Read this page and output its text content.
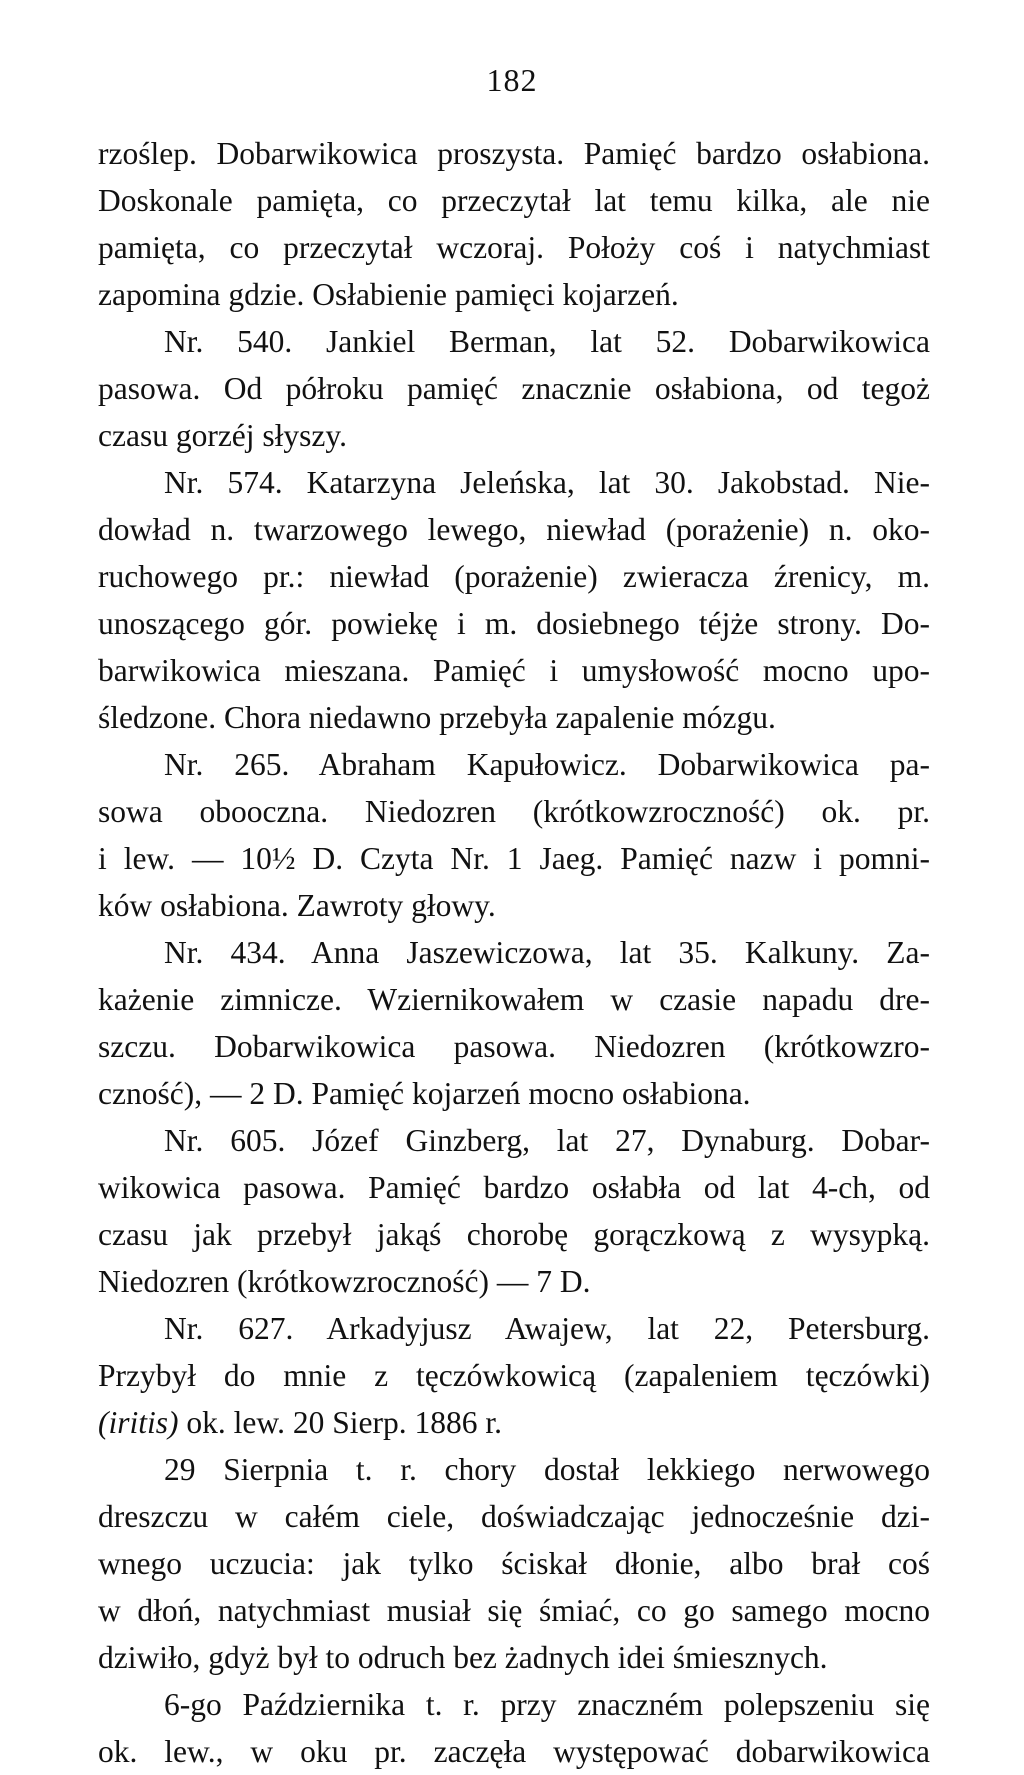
182
rzoślep. Dobarwikowica proszysta. Pamięć bardzo osłabiona.
Doskonale pamięta, co przeczytał lat temu kilka, ale nie
pamięta, co przeczytał wczoraj. Położy coś i natychmiast
zapomina gdzie. Osłabienie pamięci kojarzeń.
Nr. 540. Jankiel Berman, lat 52. Dobarwikowica
pasowa. Od półroku pamięć znacznie osłabiona, od tegoż
czasu gorzéj słyszy.
Nr. 574. Katarzyna Jeleńska, lat 30. Jakobstad. Nie-
dowład n. twarzowego lewego, niewład (porażenie) n. oko-
ruchowego pr.: niewład (porażenie) zwieracza źrenicy, m.
unoszącego gór. powiekę i m. dosiebnego téjże strony. Do-
barwikowica mieszana. Pamięć i umysłowość mocno upo-
śledzone. Chora niedawno przebyła zapalenie mózgu.
Nr. 265. Abraham Kapułowicz. Dobarwikowica pa-
sowa obooczna. Niedozren (krótkowzroczność) ok. pr.
i lew. — 10½ D. Czyta Nr. 1 Jaeg. Pamięć nazw i pomni-
ków osłabiona. Zawroty głowy.
Nr. 434. Anna Jaszewiczowa, lat 35. Kalkuny. Za-
każenie zimnicze. Wziernikowałem w czasie napadu dre-
szczu. Dobarwikowica pasowa. Niedozren (krótkowzro-
czność), — 2 D. Pamięć kojarzeń mocno osłabiona.
Nr. 605. Józef Ginzberg, lat 27, Dynaburg. Dobar-
wikowica pasowa. Pamięć bardzo osłabła od lat 4-ch, od
czasu jak przebył jakąś chorobę gorączkową z wysypką.
Niedozren (krótkowzroczność) — 7 D.
Nr. 627. Arkadyjusz Awajew, lat 22, Petersburg.
Przybył do mnie z tęczówkowicą (zapaleniem tęczówki)
(iritis) ok. lew. 20 Sierp. 1886 r.
29 Sierpnia t. r. chory dostał lekkiego nerwowego
dreszczu w całém ciele, doświadczając jednocześnie dzi-
wnego uczucia: jak tylko ściskał dłonie, albo brał coś
w dłoń, natychmiast musiał się śmiać, co go samego mocno
dziwiło, gdyż był to odruch bez żadnych idei śmiesznych.
6-go Października t. r. przy znaczném polepszeniu się
ok. lew., w oku pr. zaczęła występować dobarwikowica
